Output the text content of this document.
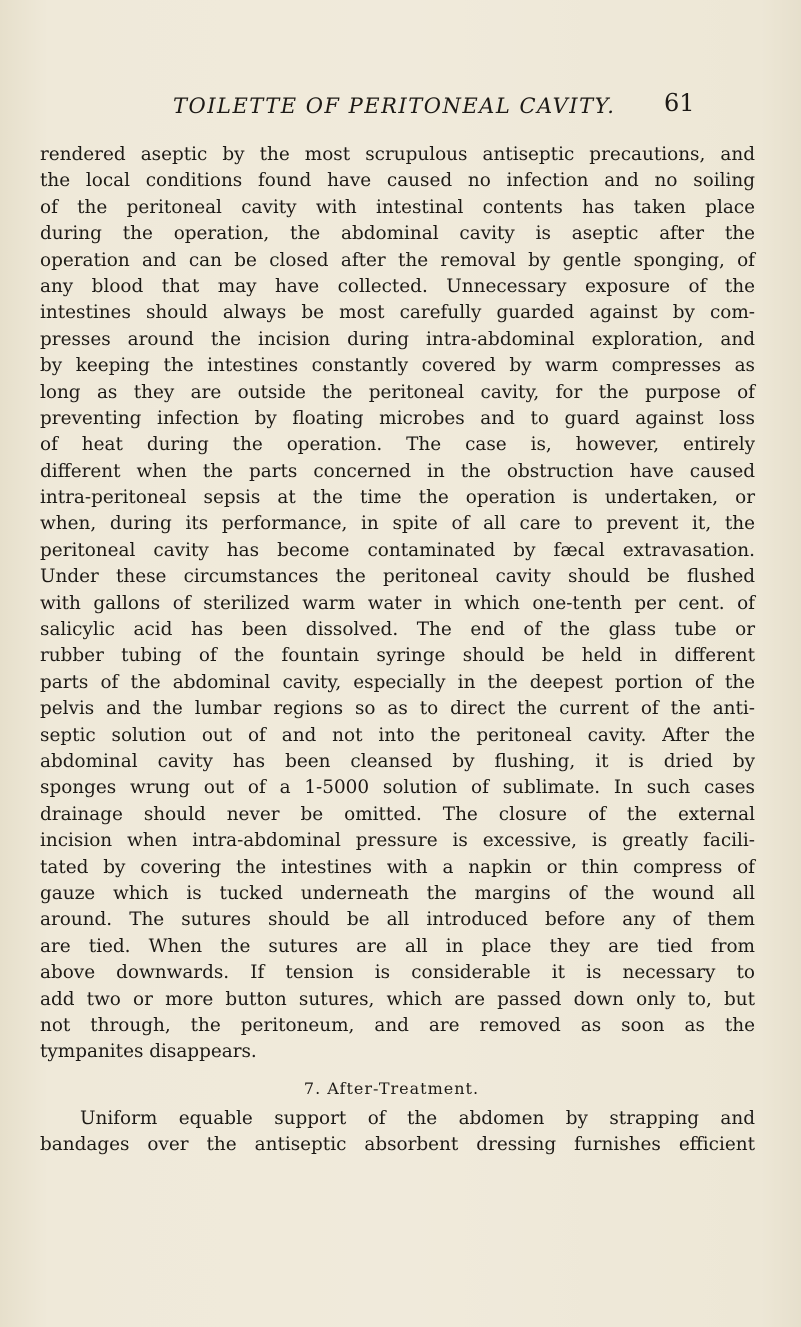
TOILETTE OF PERITONEAL CAVITY. 61
rendered aseptic by the most scrupulous antiseptic precautions, and
the local conditions found have caused no infection and no soiling
of the peritoneal cavity with intestinal contents has taken place
during the operation, the abdominal cavity is aseptic after the
operation and can be closed after the removal by gentle sponging, of
any blood that may have collected. Unnecessary exposure of the
intestines should always be most carefully guarded against by com-
presses around the incision during intra-abdominal exploration, and
by keeping the intestines constantly covered by warm compresses as
long as they are outside the peritoneal cavity, for the purpose of
preventing infection by floating microbes and to guard against loss
of heat during the operation. The case is, however, entirely
different when the parts concerned in the obstruction have caused
intra-peritoneal sepsis at the time the operation is undertaken, or
when, during its performance, in spite of all care to prevent it, the
peritoneal cavity has become contaminated by fæcal extravasation.
Under these circumstances the peritoneal cavity should be flushed
with gallons of sterilized warm water in which one-tenth per cent. of
salicylic acid has been dissolved. The end of the glass tube or
rubber tubing of the fountain syringe should be held in different
parts of the abdominal cavity, especially in the deepest portion of the
pelvis and the lumbar regions so as to direct the current of the anti-
septic solution out of and not into the peritoneal cavity. After the
abdominal cavity has been cleansed by flushing, it is dried by
sponges wrung out of a 1-5000 solution of sublimate. In such cases
drainage should never be omitted. The closure of the external
incision when intra-abdominal pressure is excessive, is greatly facili-
tated by covering the intestines with a napkin or thin compress of
gauze which is tucked underneath the margins of the wound all
around. The sutures should be all introduced before any of them
are tied. When the sutures are all in place they are tied from
above downwards. If tension is considerable it is necessary to
add two or more button sutures, which are passed down only to, but
not through, the peritoneum, and are removed as soon as the
tympanites disappears.
7. After-Treatment.
Uniform equable support of the abdomen by strapping and
bandages over the antiseptic absorbent dressing furnishes efficient
